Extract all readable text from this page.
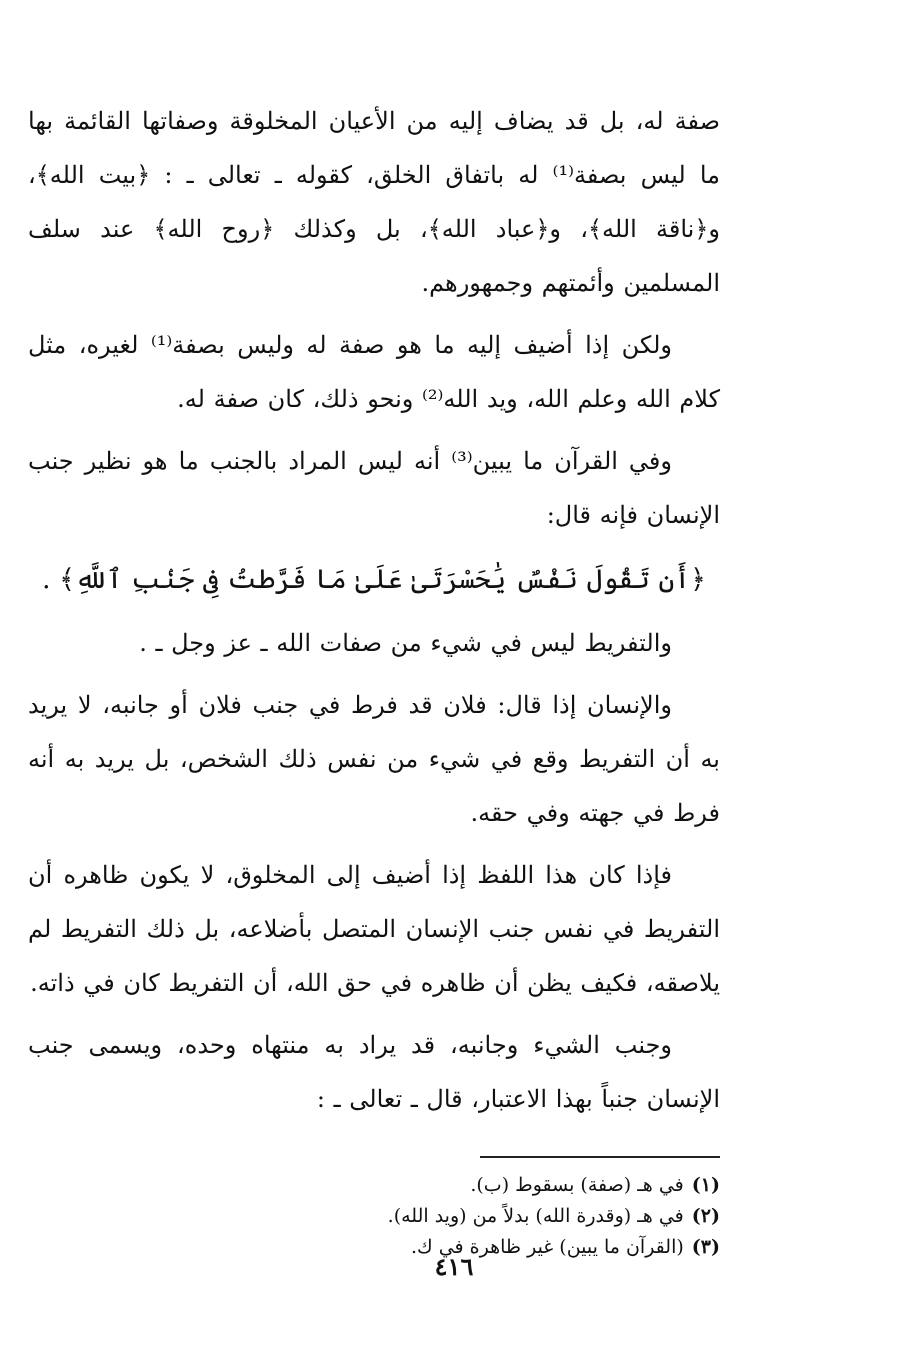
صفة له، بل قد يضاف إليه من الأعيان المخلوقة وصفاتها القائمة بها ما ليس بصفة⁽¹⁾ له باتفاق الخلق، كقوله ـ تعالى ـ : ﴿بيت الله﴾، و﴿ناقة الله﴾، و﴿عباد الله﴾، بل وكذلك ﴿روح الله﴾ عند سلف المسلمين وأئمتهم وجمهورهم.

ولكن إذا أضيف إليه ما هو صفة له وليس بصفة⁽¹⁾ لغيره، مثل كلام الله وعلم الله، ويد الله⁽²⁾ ونحو ذلك، كان صفة له.

وفي القرآن ما يبين⁽³⁾ أنه ليس المراد بالجنب ما هو نظير جنب الإنسان فإنه قال:

﴿أَن تَقُولَ نَفْسٌ يَٰحَسْرَتَىٰ عَلَىٰ مَا فَرَّطتُ فِى جَنۢبِ ٱللَّهِ﴾ .

والتفريط ليس في شيء من صفات الله ـ عز وجل ـ .

والإنسان إذا قال: فلان قد فرط في جنب فلان أو جانبه، لا يريد به أن التفريط وقع في شيء من نفس ذلك الشخص، بل يريد به أنه فرط في جهته وفي حقه.

فإذا كان هذا اللفظ إذا أضيف إلى المخلوق، لا يكون ظاهره أن التفريط في نفس جنب الإنسان المتصل بأضلاعه، بل ذلك التفريط لم يلاصقه، فكيف يظن أن ظاهره في حق الله، أن التفريط كان في ذاته.

وجنب الشيء وجانبه، قد يراد به منتهاه وحده، ويسمى جنب الإنسان جنباً بهذا الاعتبار، قال ـ تعالى ـ :

(١)
في هـ (صفة) بسقوط (ب).
(٢)
في هـ (وقدرة الله) بدلاً من (ويد الله).
(٣)
(القرآن ما يبين) غير ظاهرة في ك.
٤١٦
